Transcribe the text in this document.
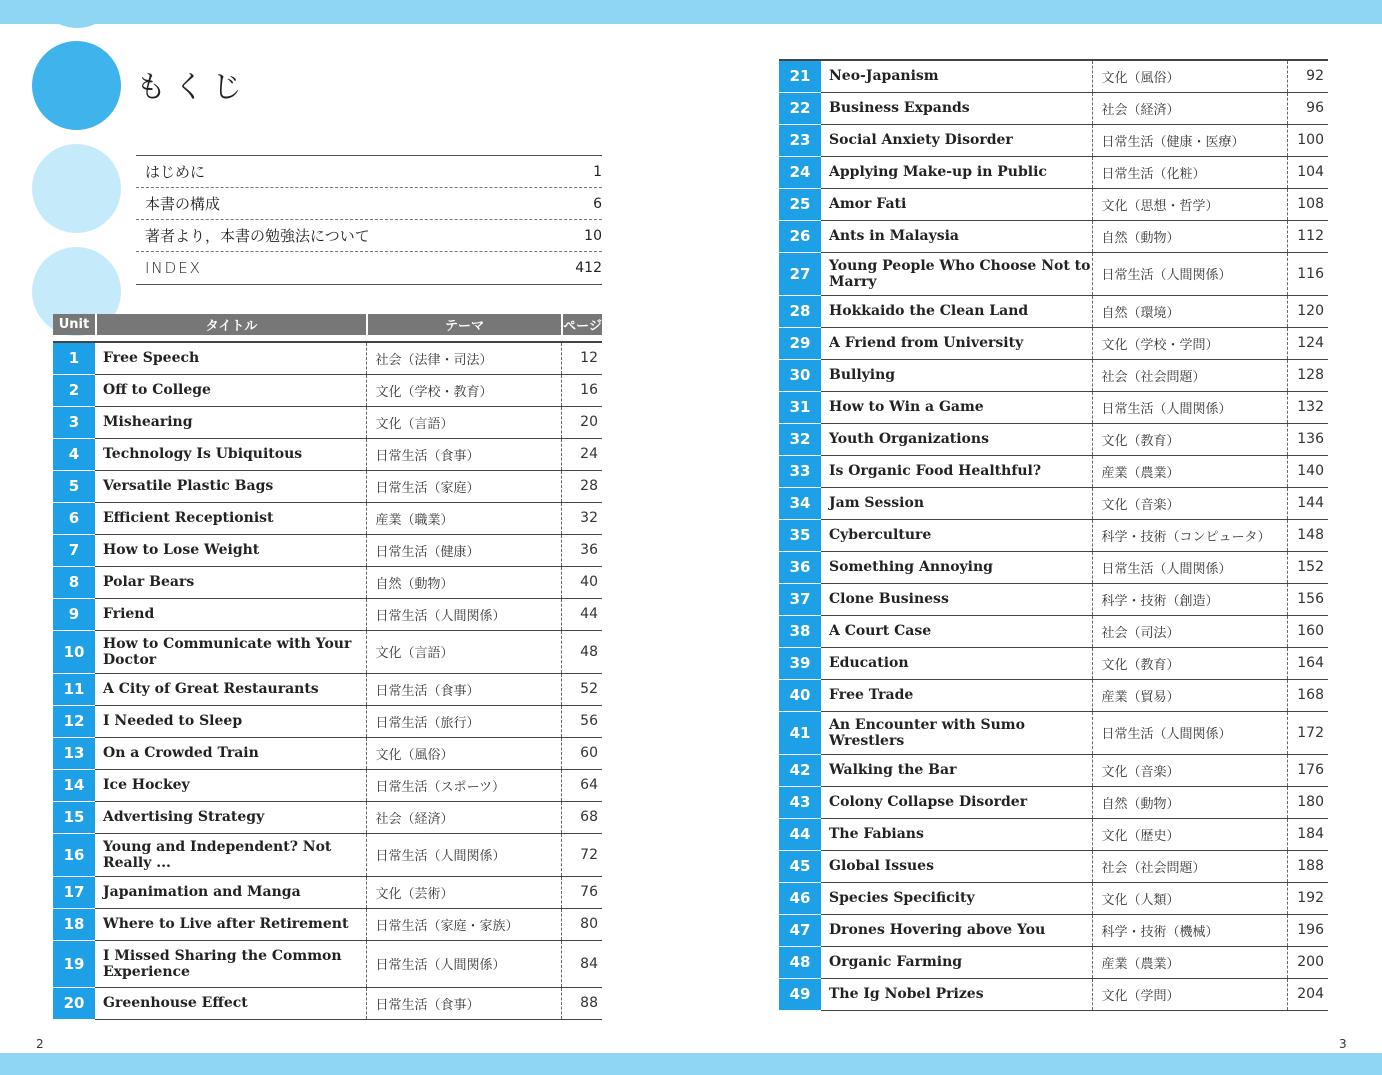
もくじ
はじめに	1
本書の構成	6
著者より，本書の勉強法について	10
INDEX	412
Unit	タイトル	テーマ	ページ
1	Free Speech	社会（法律・司法）	12
2	Off to College	文化（学校・教育）	16
3	Mishearing	文化（言語）	20
4	Technology Is Ubiquitous	日常生活（食事）	24
5	Versatile Plastic Bags	日常生活（家庭）	28
6	Efficient Receptionist	産業（職業）	32
7	How to Lose Weight	日常生活（健康）	36
8	Polar Bears	自然（動物）	40
9	Friend	日常生活（人間関係）	44
10	How to Communicate with Your Doctor	文化（言語）	48
11	A City of Great Restaurants	日常生活（食事）	52
12	I Needed to Sleep	日常生活（旅行）	56
13	On a Crowded Train	文化（風俗）	60
14	Ice Hockey	日常生活（スポーツ）	64
15	Advertising Strategy	社会（経済）	68
16	Young and Independent? Not Really ...	日常生活（人間関係）	72
17	Japanimation and Manga	文化（芸術）	76
18	Where to Live after Retirement	日常生活（家庭・家族）	80
19	I Missed Sharing the Common Experience	日常生活（人間関係）	84
20	Greenhouse Effect	日常生活（食事）	88
21	Neo-Japanism	文化（風俗）	92
22	Business Expands	社会（経済）	96
23	Social Anxiety Disorder	日常生活（健康・医療）	100
24	Applying Make-up in Public	日常生活（化粧）	104
25	Amor Fati	文化（思想・哲学）	108
26	Ants in Malaysia	自然（動物）	112
27	Young People Who Choose Not to Marry	日常生活（人間関係）	116
28	Hokkaido the Clean Land	自然（環境）	120
29	A Friend from University	文化（学校・学問）	124
30	Bullying	社会（社会問題）	128
31	How to Win a Game	日常生活（人間関係）	132
32	Youth Organizations	文化（教育）	136
33	Is Organic Food Healthful?	産業（農業）	140
34	Jam Session	文化（音楽）	144
35	Cyberculture	科学・技術（コンピュータ）	148
36	Something Annoying	日常生活（人間関係）	152
37	Clone Business	科学・技術（創造）	156
38	A Court Case	社会（司法）	160
39	Education	文化（教育）	164
40	Free Trade	産業（貿易）	168
41	An Encounter with Sumo Wrestlers	日常生活（人間関係）	172
42	Walking the Bar	文化（音楽）	176
43	Colony Collapse Disorder	自然（動物）	180
44	The Fabians	文化（歴史）	184
45	Global Issues	社会（社会問題）	188
46	Species Specificity	文化（人類）	192
47	Drones Hovering above You	科学・技術（機械）	196
48	Organic Farming	産業（農業）	200
49	The Ig Nobel Prizes	文化（学問）	204
2	3
